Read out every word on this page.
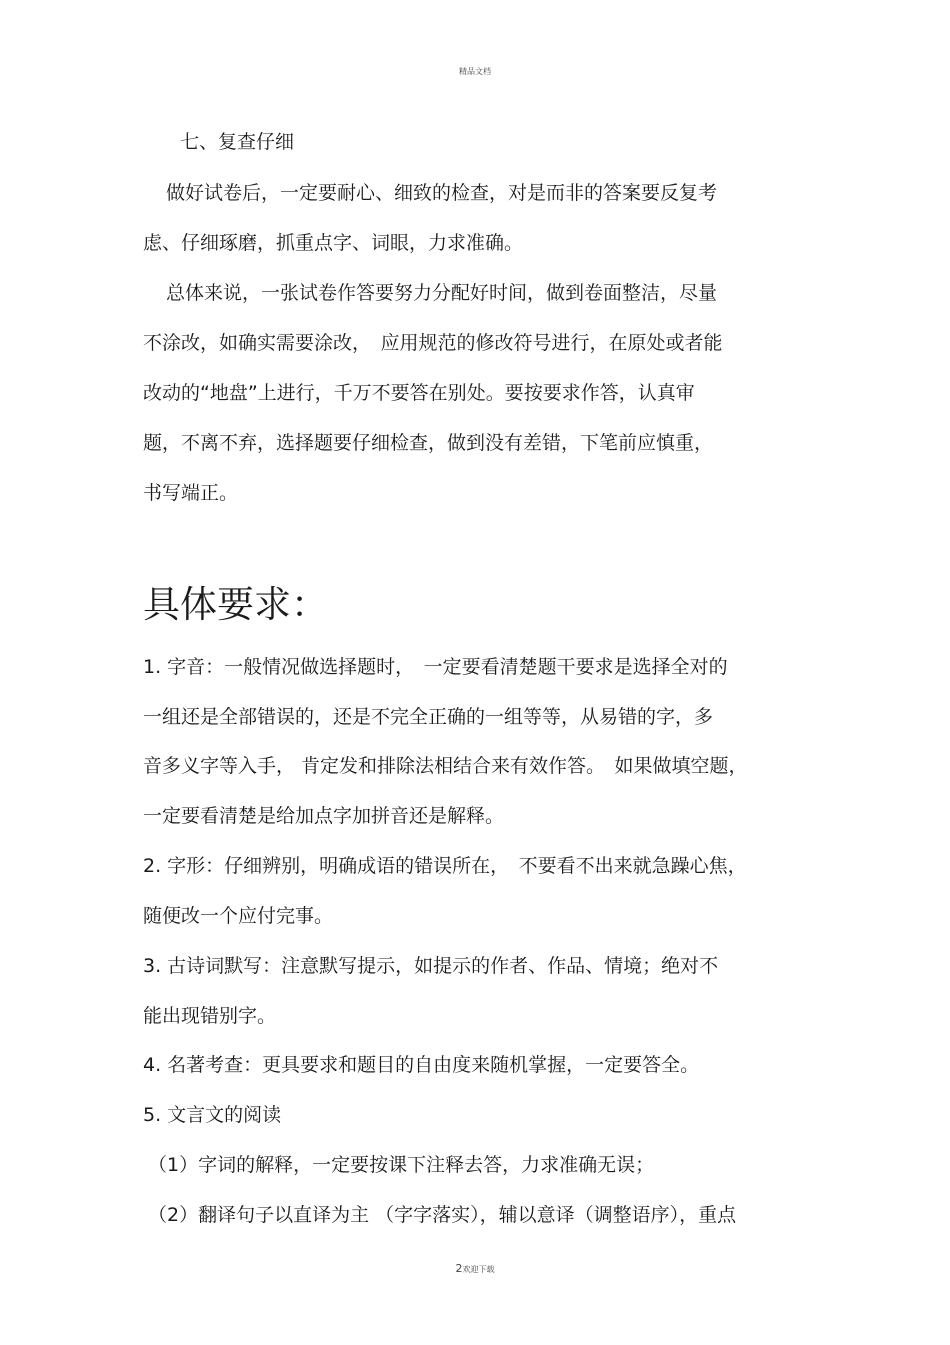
精品文档
七、复查仔细
做好试卷后，一定要耐心、细致的检查，对是而非的答案要反复考
虑、仔细琢磨，抓重点字、词眼，力求准确。
总体来说，一张试卷作答要努力分配好时间，做到卷面整洁，尽量
不涂改，如确实需要涂改，　应用规范的修改符号进行，在原处或者能
改动的“地盘”上进行，千万不要答在别处。要按要求作答，认真审
题，不离不弃，选择题要仔细检查，做到没有差错，下笔前应慎重，
书写端正。
具体要求：
1. 字音：一般情况做选择题时，　一定要看清楚题干要求是选择全对的
一组还是全部错误的，还是不完全正确的一组等等，从易错的字，多
音多义字等入手， 肯定发和排除法相结合来有效作答。　如果做填空题，
一定要看清楚是给加点字加拼音还是解释。
2. 字形：仔细辨别，明确成语的错误所在，　不要看不出来就急躁心焦，
随便改一个应付完事。
3. 古诗词默写：注意默写提示，如提示的作者、作品、情境；绝对不
能出现错别字。
4. 名著考查：更具要求和题目的自由度来随机掌握，一定要答全。
5. 文言文的阅读
（1）字词的解释，一定要按课下注释去答，力求准确无误；
（2）翻译句子以直译为主 （字字落实），辅以意译（调整语序），重点
2欢迎下载
